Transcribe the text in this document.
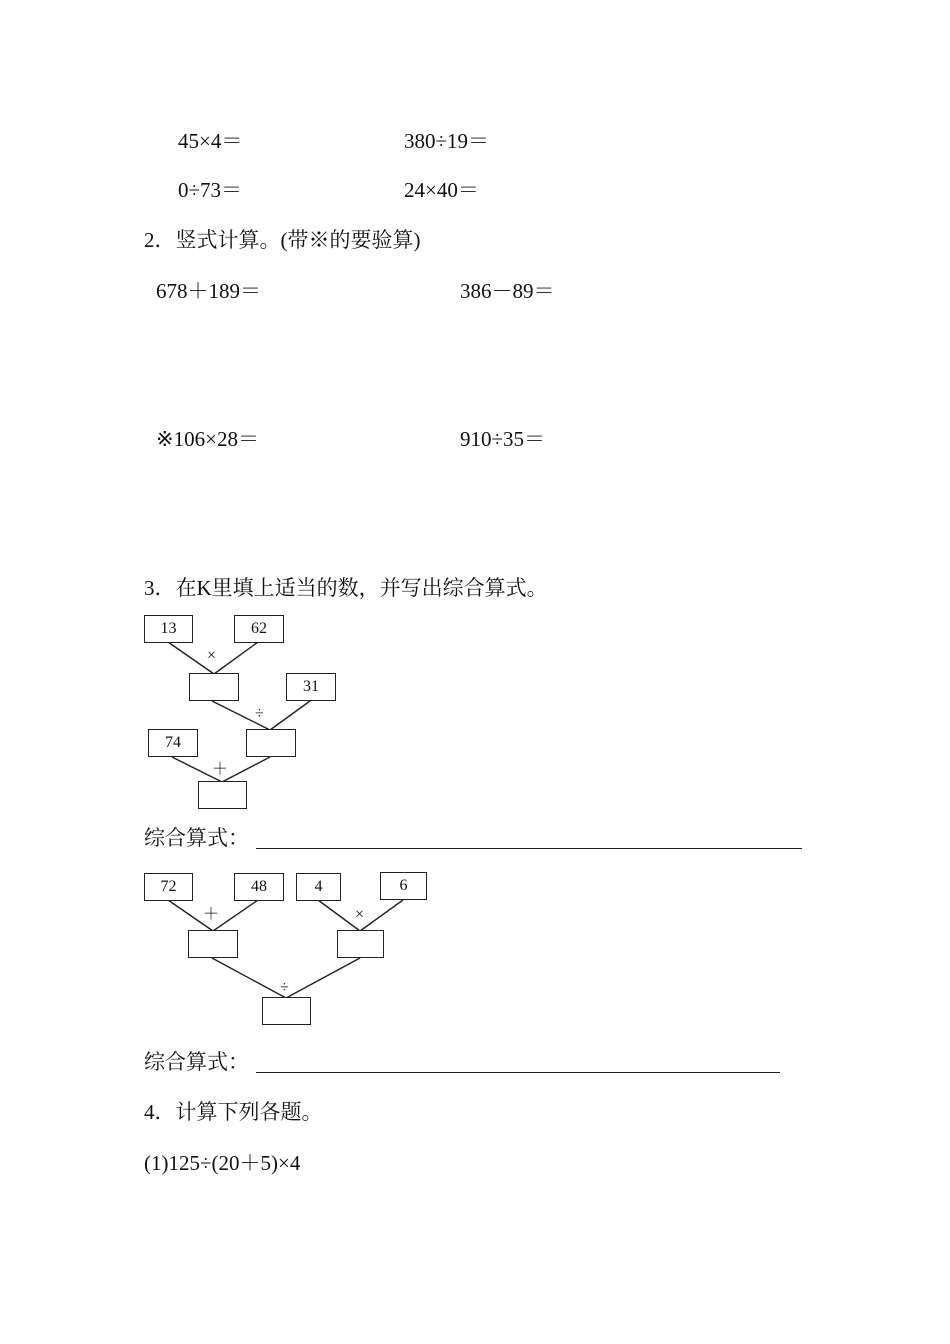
45×4＝	380÷19＝
0÷73＝	24×40＝
2．竖式计算。(带※的要验算)
678＋189＝	386－89＝
※106×28＝	910÷35＝
3．在K里填上适当的数，并写出综合算式。
13	62
×
31
÷
74
＋
综合算式：
72	48	4	6
＋	×
÷
综合算式：
4．计算下列各题。
(1)125÷(20＋5)×4
